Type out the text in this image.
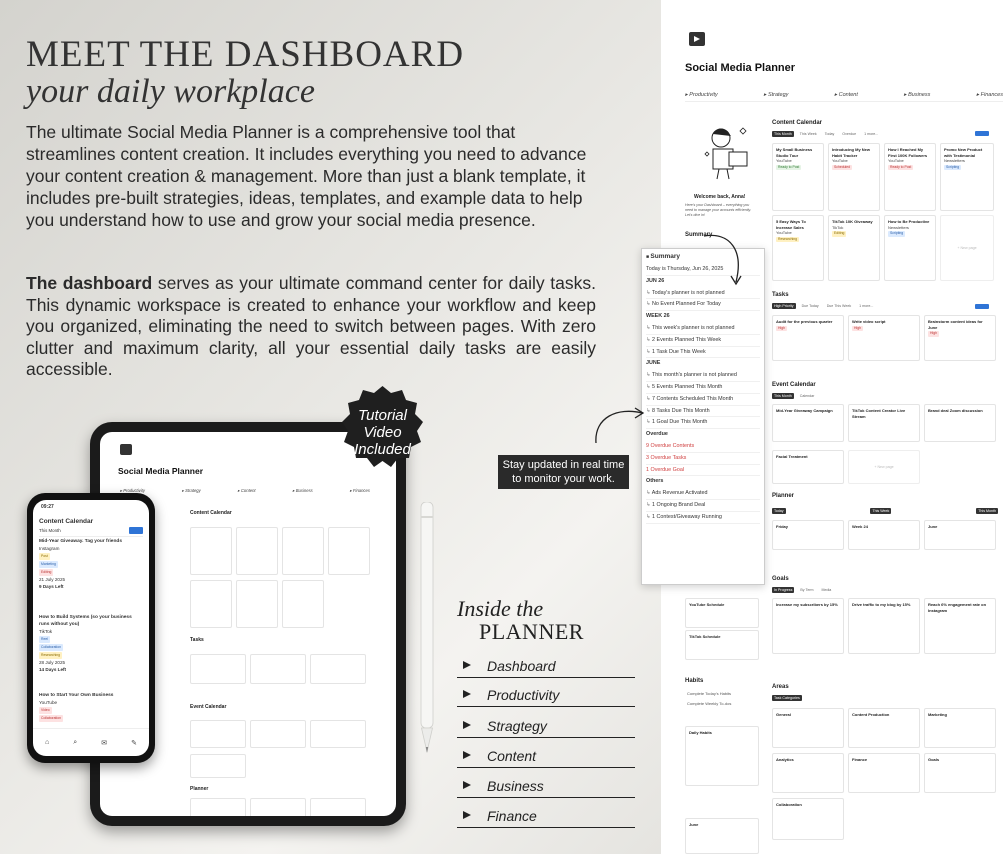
MEET THE DASHBOARD
your daily workplace
The ultimate Social Media Planner is a comprehensive tool that streamlines content creation. It includes everything you need to advance your content creation & management. More than just a blank template, it includes pre-built strategies, ideas, templates, and example data to help you understand how to use and grow your social media presence.
The dashboard serves as your ultimate command center for daily tasks. This dynamic workspace is created to enhance your workflow and keep you organized, eliminating the need to switch between pages. With zero clutter and maximum clarity, all your essential daily tasks are easily accessible.
Social Media Planner
▸ Productivity	▸ Strategy	▸ Content	▸ Business	▸ Finances
Welcome back, Anna!
Here's your Dashboard – everything you need to manage your accounts efficiently. Let's dive in!
Summary
Content Calendar
This Month	This Week	Today	Overdue	1 more...
My Small Business Studio Tour
YouTube
Ready to Post
Introducing My New Habit Tracker
YouTube
Scheduled
How I Reached My First 100K Followers
YouTube
Ready to Post
Promo New Product with Testimonial
Newsletters
Scripting
5 Easy Ways To Increase Sales
YouTube
Researching
TikTok 10K Giveaway
TikTok
Editing
How to Be Productive
Newsletters
Scripting
+ New page
Tasks
High Priority	Due Today	Due This Week	1 more...
Audit for the previous quarter
High
Write video script
High
Brainstorm content ideas for June
High
Event Calendar
This Month	Calendar
Mid-Year Giveaway Campaign	TikTok Content Creator Live Stream
Brand deal Zoom discussion
Facial Treatment
+ New page
Planner
Today	This Week	This Month
Friday	Week 24	June
Goals
In Progress	By Term	Media
Increase my subscribers by 15%	Drive traffic to my blog by 15%	Reach 6% engagement rate on Instagram
Areas
Task Categories
General	Content Production	Marketing
Analytics	Finance	Goals
Collaboration
YouTube Schedule
TikTok Schedule
Habits
Complete Today's Habits
Complete Weekly To-dos
Daily Habits
June
■ Summary
Today is Thursday, Jun 26, 2025
JUN 26
↳ Today's planner is not planned
↳ No Event Planned For Today
WEEK 26
↳ This week's planner is not planned
↳ 2 Events Planned This Week
↳ 1 Task Due This Week
JUNE
↳ This month's planner is not planned
↳ 5 Events Planned This Month
↳ 7 Contents Scheduled This Month
↳ 8 Tasks Due This Month
↳ 1 Goal Due This Month
Overdue
9 Overdue Contents
3 Overdue Tasks
1 Overdue Goal
Others
↳ Ads Revenue Activated
↳ 1 Ongoing Brand Deal
↳ 1 Contest/Giveaway Running
Social Media Planner
▸ Productivity	▸ Strategy	▸ Content	▸ Business	▸ Finances
Content Calendar
Tasks
Event Calendar
Planner
09:27
Content Calendar
This Month
Mid-Year Giveaway. Tag your friends
Instagram
Post
Marketing
Editing
21 July 2025
9 Days Left
How to Build Systems (so your business runs without you)
TikTok
Reel
Collaboration
Researching
28 July 2025
14 Days Left
How to Start Your Own Business
YouTube
Video
Collaboration
⌂	⌕	✉	✎
Tutorial
Video
Included
Stay updated in real time
to monitor your work.
Inside the
PLANNER
Dashboard
Productivity
Stragtegy
Content
Business
Finance
